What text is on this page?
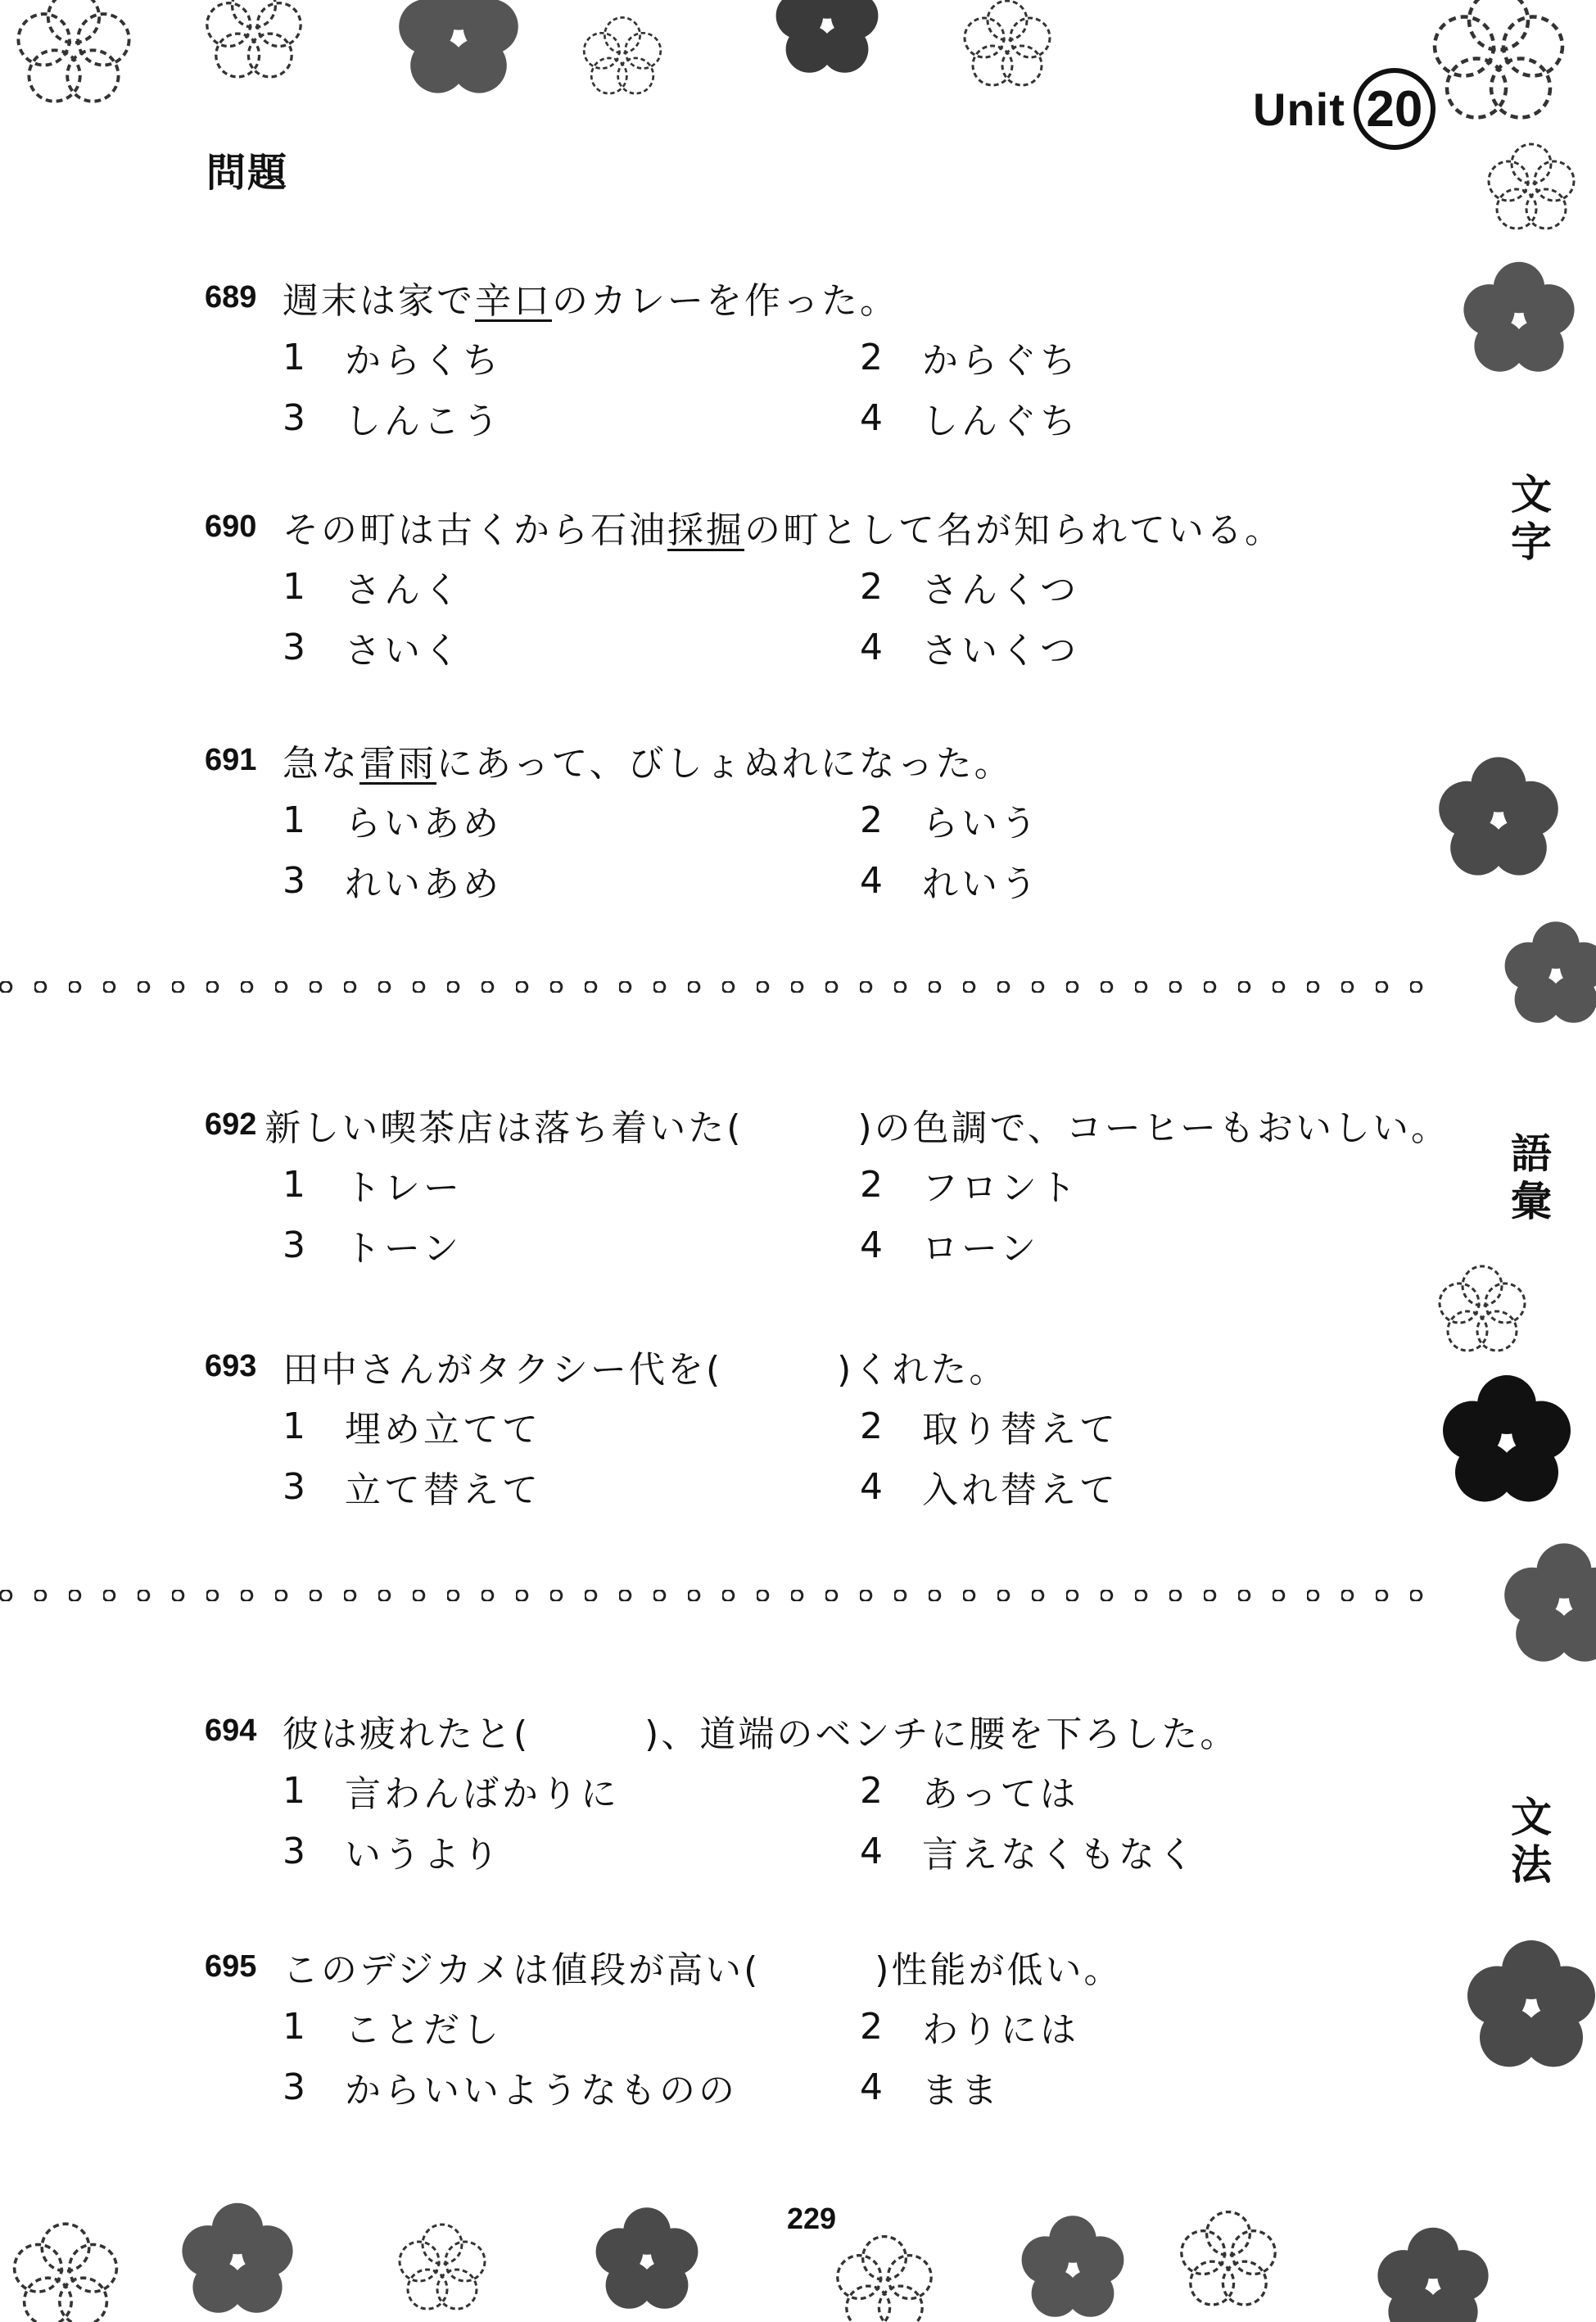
Unit 20
問題
689 週末は家で辛口のカレーを作った。
1	からくち	2	からぐち
3	しんこう	4	しんぐち
690 その町は古くから石油採掘の町として名が知られている。
1	さんく	2	さんくつ
3	さいく	4	さいくつ
691 急な雷雨にあって、びしょぬれになった。
1	らいあめ	2	らいう
3	れいあめ	4	れいう
692 新しい喫茶店は落ち着いた(	)の色調で、コーヒーもおいしい。
1	トレー	2	フロント
3	トーン	4	ローン
693 田中さんがタクシー代を(	)くれた。
1	埋め立てて	2	取り替えて
3	立て替えて	4	入れ替えて
694 彼は疲れたと(	)、道端のベンチに腰を下ろした。
1	言わんばかりに	2	あっては
3	いうより	4	言えなくもなく
695 このデジカメは値段が高い(	)性能が低い。
1	ことだし	2	わりには
3	からいいようなものの	4	まま
文字
語彙
文法
229
